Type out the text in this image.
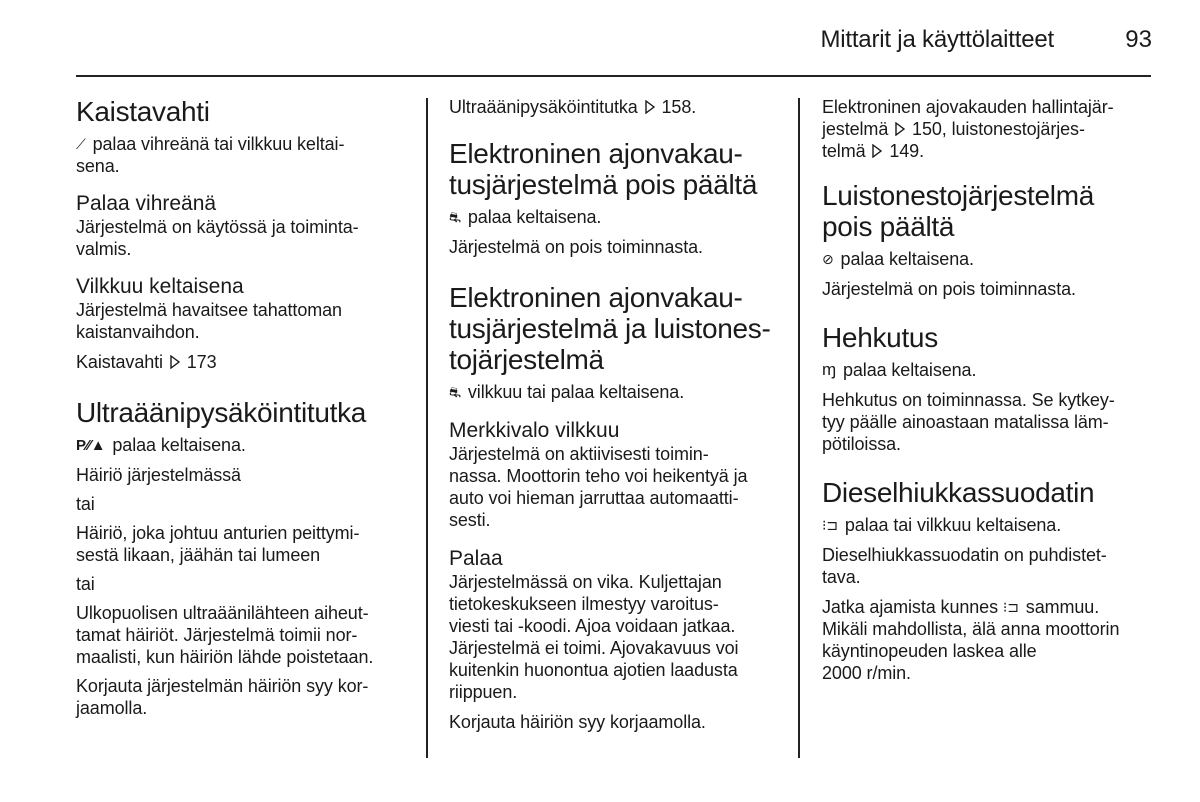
Mittarit ja käyttölaitteet	93
Kaistavahti

⟋ palaa vihreänä tai vilkkuu keltai-
sena.

Palaa vihreänä

Järjestelmä on käytössä ja toiminta-
valmis.

Vilkkuu keltaisena

Järjestelmä havaitsee tahattoman
kaistanvaihdon.

Kaistavahti 173

Ultraäänipysäköintitutka

P⁄⁄▲ palaa keltaisena.

Häiriö järjestelmässä

tai

Häiriö, joka johtuu anturien peittymi-
sestä likaan, jäähän tai lumeen

tai

Ulkopuolisen ultraäänilähteen aiheut-
tamat häiriöt. Järjestelmä toimii nor-
maalisti, kun häiriön lähde poistetaan.

Korjauta järjestelmän häiriön syy kor-
jaamolla.

Ultraäänipysäköintitutka 158.

Elektroninen ajonvakau-
tusjärjestelmä pois päältä

⛐ palaa keltaisena.

Järjestelmä on pois toiminnasta.

Elektroninen ajonvakau-
tusjärjestelmä ja luistones-
tojärjestelmä

⛐ vilkkuu tai palaa keltaisena.

Merkkivalo vilkkuu

Järjestelmä on aktiivisesti toimin-
nassa. Moottorin teho voi heikentyä ja
auto voi hieman jarruttaa automaatti-
sesti.

Palaa

Järjestelmässä on vika. Kuljettajan
tietokeskukseen ilmestyy varoitus-
viesti tai -koodi. Ajoa voidaan jatkaa.
Järjestelmä ei toimi. Ajovakavuus voi
kuitenkin huonontua ajotien laadusta
riippuen.

Korjauta häiriön syy korjaamolla.

Elektroninen ajovakauden hallintajär-
jestelmä 150, luistonestojärjes-
telmä 149.

Luistonestojärjestelmä
pois päältä

⊘ palaa keltaisena.

Järjestelmä on pois toiminnasta.

Hehkutus

ɱ palaa keltaisena.

Hehkutus on toiminnassa. Se kytkey-
tyy päälle ainoastaan matalissa läm-
pötiloissa.

Dieselhiukkassuodatin

⁝⊐ palaa tai vilkkuu keltaisena.

Dieselhiukkassuodatin on puhdistet-
tava.

Jatka ajamista kunnes ⁝⊐ sammuu.
Mikäli mahdollista, älä anna moottorin
käyntinopeuden laskea alle
2000 r/min.
